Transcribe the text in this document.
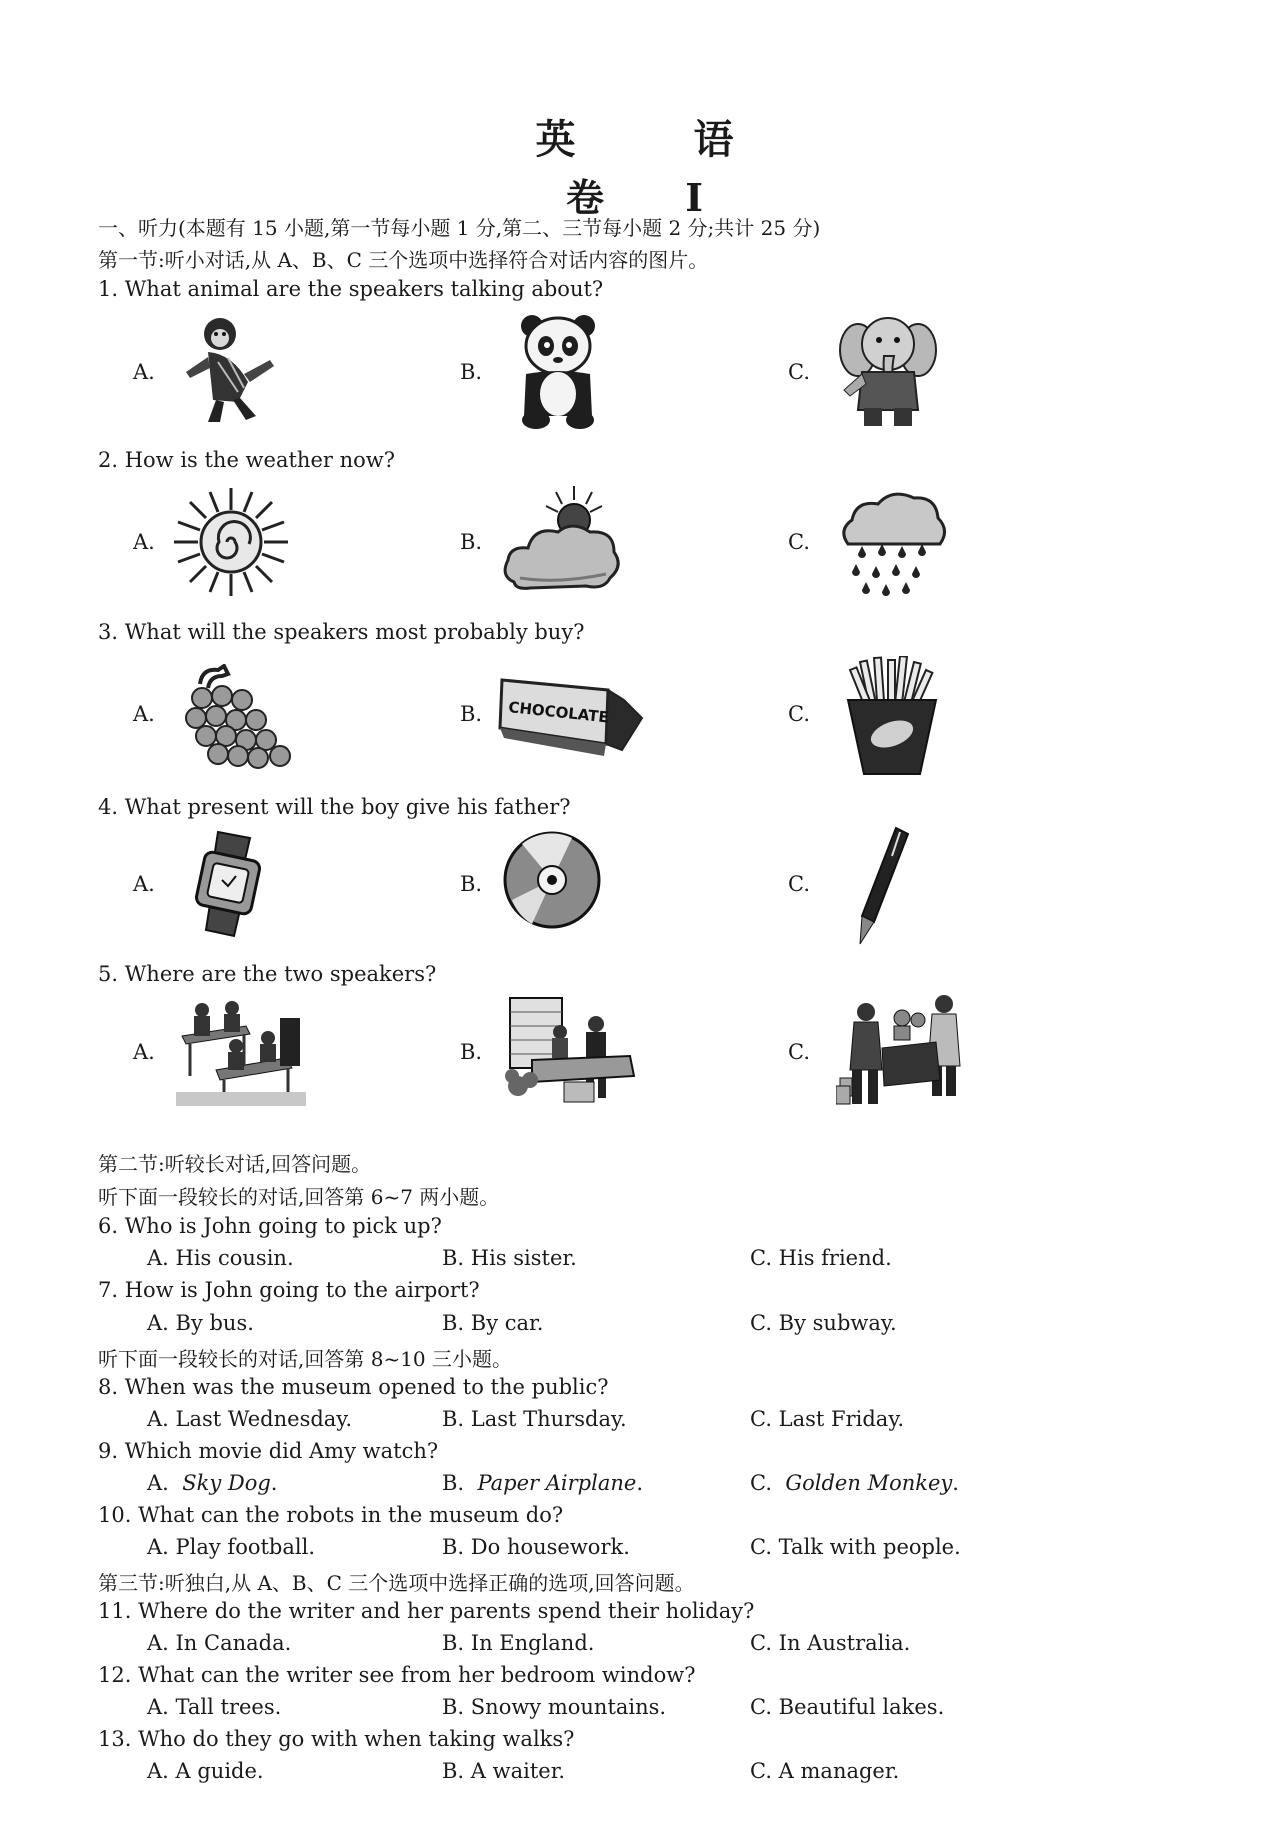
英 语
卷 Ⅰ
一、听力(本题有 15 小题,第一节每小题 1 分,第二、三节每小题 2 分;共计 25 分)
第一节:听小对话,从 A、B、C 三个选项中选择符合对话内容的图片。
1. What animal are the speakers talking about?
A.	B.	C.
2. How is the weather now?
A.	B.	C.
3. What will the speakers most probably buy?
A.	B. CHOCOLATE	C.
4. What present will the boy give his father?
A.	B.	C.
5. Where are the two speakers?
A.	B.	C.
第二节:听较长对话,回答问题。
听下面一段较长的对话,回答第 6~7 两小题。
6. Who is John going to pick up?
A. His cousin.	B. His sister.	C. His friend.
7. How is John going to the airport?
A. By bus.	B. By car.	C. By subway.
听下面一段较长的对话,回答第 8~10 三小题。
8. When was the museum opened to the public?
A. Last Wednesday.	B. Last Thursday.	C. Last Friday.
9. Which movie did Amy watch?
A.  Sky Dog.	B.  Paper Airplane.	C.  Golden Monkey.
10. What can the robots in the museum do?
A. Play football.	B. Do housework.	C. Talk with people.
第三节:听独白,从 A、B、C 三个选项中选择正确的选项,回答问题。
11. Where do the writer and her parents spend their holiday?
A. In Canada.	B. In England.	C. In Australia.
12. What can the writer see from her bedroom window?
A. Tall trees.	B. Snowy mountains.	C. Beautiful lakes.
13. Who do they go with when taking walks?
A. A guide.	B. A waiter.	C. A manager.
